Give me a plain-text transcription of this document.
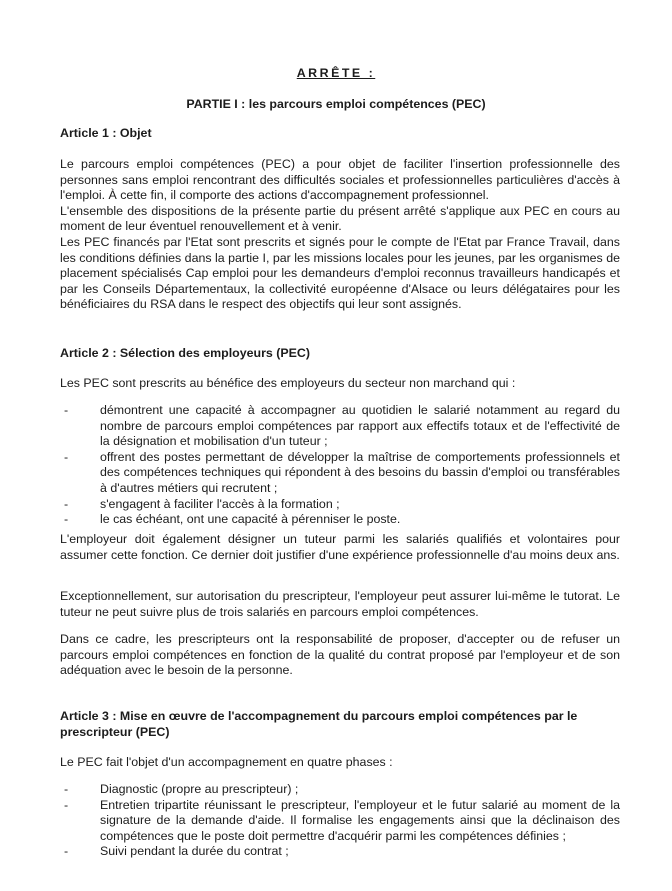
ARRÊTE :
PARTIE I : les parcours emploi compétences (PEC)
Article 1 : Objet

Le parcours emploi compétences (PEC) a pour objet de faciliter l'insertion professionnelle des personnes sans emploi rencontrant des difficultés sociales et professionnelles particulières d'accès à l'emploi. À cette fin, il comporte des actions d'accompagnement professionnel.

L'ensemble des dispositions de la présente partie du présent arrêté s'applique aux PEC en cours au moment de leur éventuel renouvellement et à venir.

Les PEC financés par l'Etat sont prescrits et signés pour le compte de l'Etat par France Travail, dans les conditions définies dans la partie I, par les missions locales pour les jeunes, par les organismes de placement spécialisés Cap emploi pour les demandeurs d'emploi reconnus travailleurs handicapés et par les Conseils Départementaux, la collectivité européenne d'Alsace ou leurs délégataires pour les bénéficiaires du RSA dans le respect des objectifs qui leur sont assignés.

Article 2 : Sélection des employeurs (PEC)
Les PEC sont prescrits au bénéfice des employeurs du secteur non marchand qui :
-	démontrent une capacité à accompagner au quotidien le salarié notamment au regard du nombre de parcours emploi compétences par rapport aux effectifs totaux et de l'effectivité de la désignation et mobilisation d'un tuteur ;
-	offrent des postes permettant de développer la maîtrise de comportements professionnels et des compétences techniques qui répondent à des besoins du bassin d'emploi ou transférables à d'autres métiers qui recrutent ;
-	s'engagent à faciliter l'accès à la formation ;
-	le cas échéant, ont une capacité à pérenniser le poste.
L'employeur doit également désigner un tuteur parmi les salariés qualifiés et volontaires pour assumer cette fonction. Ce dernier doit justifier d'une expérience professionnelle d'au moins deux ans.
Exceptionnellement, sur autorisation du prescripteur, l'employeur peut assurer lui-même le tutorat. Le tuteur ne peut suivre plus de trois salariés en parcours emploi compétences.
Dans ce cadre, les prescripteurs ont la responsabilité de proposer, d'accepter ou de refuser un parcours emploi compétences en fonction de la qualité du contrat proposé par l'employeur et de son adéquation avec le besoin de la personne.
Article 3 : Mise en œuvre de l'accompagnement du parcours emploi compétences par le prescripteur (PEC)
Le PEC fait l'objet d'un accompagnement en quatre phases :
-	Diagnostic (propre au prescripteur) ;
-	Entretien tripartite réunissant le prescripteur, l'employeur et le futur salarié au moment de la signature de la demande d'aide. Il formalise les engagements ainsi que la déclinaison des compétences que le poste doit permettre d'acquérir parmi les compétences définies ;
-	Suivi pendant la durée du contrat ;
